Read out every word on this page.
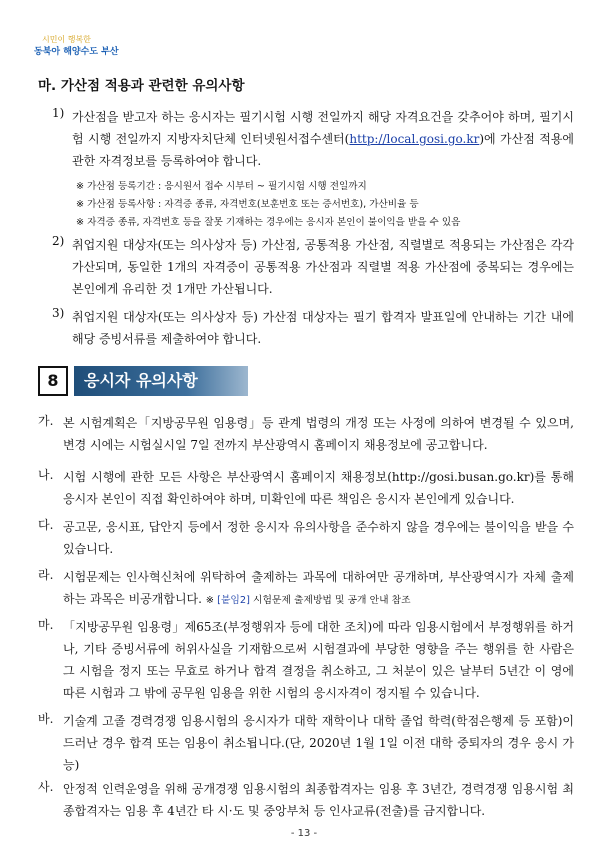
시민이 행복한
동북아 해양수도 부산
마. 가산점 적용과 관련한 유의사항
1) 가산점을 받고자 하는 응시자는 필기시험 시행 전일까지 해당 자격요건을 갖추어야 하며, 필기시험 시행 전일까지 지방자치단체 인터넷원서접수센터(http://local.gosi.go.kr)에 가산점 적용에 관한 자격정보를 등록하여야 합니다.
※ 가산점 등록기간 : 응시원서 접수 시부터 ~ 필기시험 시행 전일까지
※ 가산점 등록사항 : 자격증 종류, 자격번호(보훈번호 또는 증서번호), 가산비율 등
※ 자격증 종류, 자격번호 등을 잘못 기재하는 경우에는 응시자 본인이 불이익을 받을 수 있음
2) 취업지원 대상자(또는 의사상자 등) 가산점, 공통적용 가산점, 직렬별로 적용되는 가산점은 각각 가산되며, 동일한 1개의 자격증이 공통적용 가산점과 직렬별 적용 가산점에 중복되는 경우에는 본인에게 유리한 것 1개만 가산됩니다.
3) 취업지원 대상자(또는 의사상자 등) 가산점 대상자는 필기 합격자 발표일에 안내하는 기간 내에 해당 증빙서류를 제출하여야 합니다.
8	응시자 유의사항
가. 본 시험계획은「지방공무원 임용령」등 관계 법령의 개정 또는 사정에 의하여 변경될 수 있으며, 변경 시에는 시험실시일 7일 전까지 부산광역시 홈페이지 채용정보에 공고합니다.
나. 시험 시행에 관한 모든 사항은 부산광역시 홈페이지 채용정보(http://gosi.busan.go.kr)를 통해 응시자 본인이 직접 확인하여야 하며, 미확인에 따른 책임은 응시자 본인에게 있습니다.
다. 공고문, 응시표, 답안지 등에서 정한 응시자 유의사항을 준수하지 않을 경우에는 불이익을 받을 수 있습니다.
라. 시험문제는 인사혁신처에 위탁하여 출제하는 과목에 대하여만 공개하며, 부산광역시가 자체 출제하는 과목은 비공개합니다. ※ [붙임2] 시험문제 출제방법 및 공개 안내 참조
마. 「지방공무원 임용령」제65조(부정행위자 등에 대한 조치)에 따라 임용시험에서 부정행위를 하거나, 기타 증빙서류에 허위사실을 기재함으로써 시험결과에 부당한 영향을 주는 행위를 한 사람은 그 시험을 정지 또는 무효로 하거나 합격 결정을 취소하고, 그 처분이 있은 날부터 5년간 이 영에 따른 시험과 그 밖에 공무원 임용을 위한 시험의 응시자격이 정지될 수 있습니다.
바. 기술계 고졸 경력경쟁 임용시험의 응시자가 대학 재학이나 대학 졸업 학력(학점은행제 등 포함)이 드러난 경우 합격 또는 임용이 취소됩니다.(단, 2020년 1월 1일 이전 대학 중퇴자의 경우 응시 가능)
사. 안정적 인력운영을 위해 공개경쟁 임용시험의 최종합격자는 임용 후 3년간, 경력경쟁 임용시험 최종합격자는 임용 후 4년간 타 시·도 및 중앙부처 등 인사교류(전출)를 금지합니다.
- 13 -
